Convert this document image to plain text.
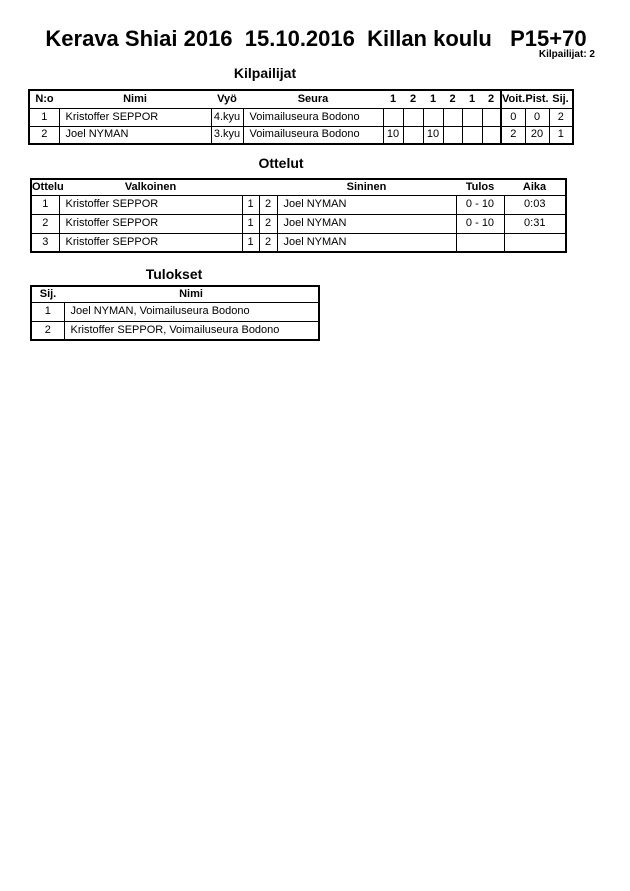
Kerava Shiai 2016  15.10.2016  Killan koulu   P15+70
Kilpailijat: 2
Kilpailijat
N:o	Nimi	Vyö	Seura	1	2	1	2	1	2	Voit.	Pist.	Sij.
1	Kristoffer SEPPOR	4.kyu	Voimailuseura Bodono							0	0	2
2	Joel NYMAN	3.kyu	Voimailuseura Bodono	10		10				2	20	1
Ottelut
Ottelu	Valkoinen			Sininen	Tulos	Aika
1	Kristoffer SEPPOR	1	2	Joel NYMAN	0 - 10	0:03
2	Kristoffer SEPPOR	1	2	Joel NYMAN	0 - 10	0:31
3	Kristoffer SEPPOR	1	2	Joel NYMAN		
Tulokset
Sij.	Nimi
1	Joel NYMAN, Voimailuseura Bodono
2	Kristoffer SEPPOR, Voimailuseura Bodono
